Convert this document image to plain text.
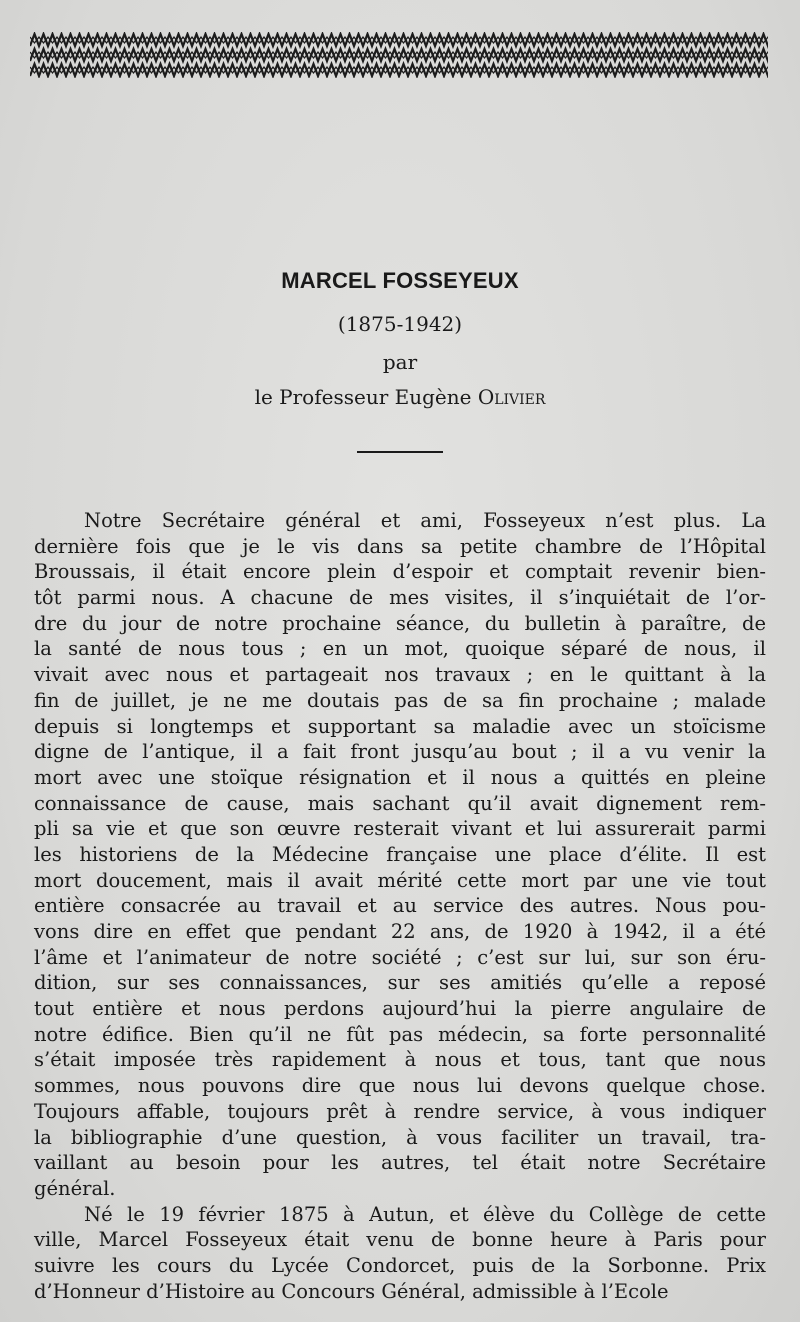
MARCEL FOSSEYEUX
(1875-1942)
par
le Professeur Eugène Olivier
Notre Secrétaire général et ami, Fosseyeux n’est plus. La
dernière fois que je le vis dans sa petite chambre de l’Hôpital
Broussais, il était encore plein d’espoir et comptait revenir bien-
tôt parmi nous. A chacune de mes visites, il s’inquiétait de l’or-
dre du jour de notre prochaine séance, du bulletin à paraître, de
la santé de nous tous ; en un mot, quoique séparé de nous, il
vivait avec nous et partageait nos travaux ; en le quittant à la
fin de juillet, je ne me doutais pas de sa fin prochaine ; malade
depuis si longtemps et supportant sa maladie avec un stoïcisme
digne de l’antique, il a fait front jusqu’au bout ; il a vu venir la
mort avec une stoïque résignation et il nous a quittés en pleine
connaissance de cause, mais sachant qu’il avait dignement rem-
pli sa vie et que son œuvre resterait vivant et lui assurerait parmi
les historiens de la Médecine française une place d’élite. Il est
mort doucement, mais il avait mérité cette mort par une vie tout
entière consacrée au travail et au service des autres. Nous pou-
vons dire en effet que pendant 22 ans, de 1920 à 1942, il a été
l’âme et l’animateur de notre société ; c’est sur lui, sur son éru-
dition, sur ses connaissances, sur ses amitiés qu’elle a reposé
tout entière et nous perdons aujourd’hui la pierre angulaire de
notre édifice. Bien qu’il ne fût pas médecin, sa forte personnalité
s’était imposée très rapidement à nous et tous, tant que nous
sommes, nous pouvons dire que nous lui devons quelque chose.
Toujours affable, toujours prêt à rendre service, à vous indiquer
la bibliographie d’une question, à vous faciliter un travail, tra-
vaillant au besoin pour les autres, tel était notre Secrétaire
général.
Né le 19 février 1875 à Autun, et élève du Collège de cette
ville, Marcel Fosseyeux était venu de bonne heure à Paris pour
suivre les cours du Lycée Condorcet, puis de la Sorbonne. Prix
d’Honneur d’Histoire au Concours Général, admissible à l’Ecole
